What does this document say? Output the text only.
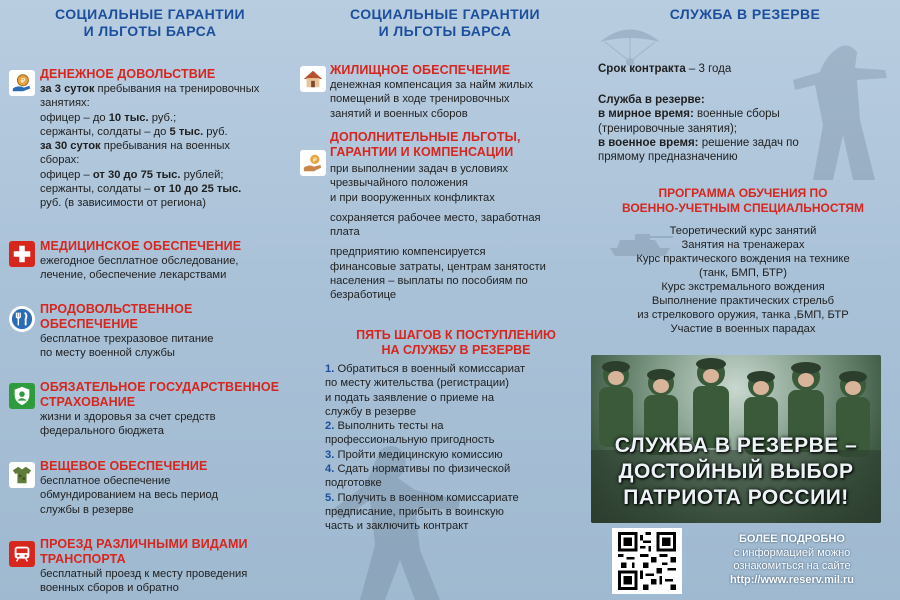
СОЦИАЛЬНЫЕ ГАРАНТИИ
И ЛЬГОТЫ БАРСА
₽ ДЕНЕЖНОЕ ДОВОЛЬСТВИЕ
за 3 суток пребывания на тренировочных
занятиях:
офицер – до 10 тыс. руб.;
сержанты, солдаты – до 5 тыс. руб.
за 30 суток пребывания на военных
сборах:
офицер – от 30 до 75 тыс. рублей;
сержанты, солдаты – от 10 до 25 тыс.
руб. (в зависимости от региона)
МЕДИЦИНСКОЕ ОБЕСПЕЧЕНИЕ
ежегодное бесплатное обследование,
лечение, обеспечение лекарствами
ПРОДОВОЛЬСТВЕННОЕ
ОБЕСПЕЧЕНИЕ
бесплатное трехразовое питание
по месту военной службы
ОБЯЗАТЕЛЬНОЕ ГОСУДАРСТВЕННОЕ
СТРАХОВАНИЕ
жизни и здоровья за счет средств
федерального бюджета
ВЕЩЕВОЕ ОБЕСПЕЧЕНИЕ
бесплатное обеспечение
обмундированием на весь период
службы в резерве
ПРОЕЗД РАЗЛИЧНЫМИ ВИДАМИ
ТРАНСПОРТА
бесплатный проезд к месту проведения
военных сборов и обратно
СОЦИАЛЬНЫЕ ГАРАНТИИ
И ЛЬГОТЫ БАРСА
ЖИЛИЩНОЕ ОБЕСПЕЧЕНИЕ
денежная компенсация за найм жилых
помещений в ходе тренировочных
занятий и военных сборов
₽
ДОПОЛНИТЕЛЬНЫЕ ЛЬГОТЫ,
ГАРАНТИИ И КОМПЕНСАЦИИ
при выполнении задач в условиях
чрезвычайного положения
и при вооруженных конфликтах
сохраняется рабочее место, заработная
плата
предприятию компенсируется
финансовые затраты, центрам занятости
населения – выплаты по пособиям по
безработице
ПЯТЬ ШАГОВ К ПОСТУПЛЕНИЮ
НА СЛУЖБУ В РЕЗЕРВЕ
1. Обратиться в военный комиссариат
по месту жительства (регистрации)
и подать заявление о приеме на
службу в резерве
2. Выполнить тесты на
профессиональную пригодность
3. Пройти медицинскую комиссию
4. Сдать нормативы по физической
подготовке
5. Получить в военном комиссариате
предписание, прибыть в воинскую
часть и заключить контракт
СЛУЖБА В РЕЗЕРВЕ
Срок контракта – 3 года
Служба в резерве:
в мирное время: военные сборы
(тренировочные занятия);
в военное время: решение задач по
прямому предназначению
ПРОГРАММА ОБУЧЕНИЯ ПО
ВОЕННО-УЧЕТНЫМ СПЕЦИАЛЬНОСТЯМ
Теоретический курс занятий
Занятия на тренажерах
Курс практического вождения на технике
(танк, БМП, БТР)
Курс экстремального вождения
Выполнение практических стрельб
из стрелкового оружия, танка ,БМП, БТР
Участие в военных парадах
СЛУЖБА В РЕЗЕРВЕ –
ДОСТОЙНЫЙ ВЫБОР
ПАТРИОТА РОССИИ!
БОЛЕЕ ПОДРОБНО
с информацией можно
ознакомиться на сайте
http://www.reserv.mil.ru
